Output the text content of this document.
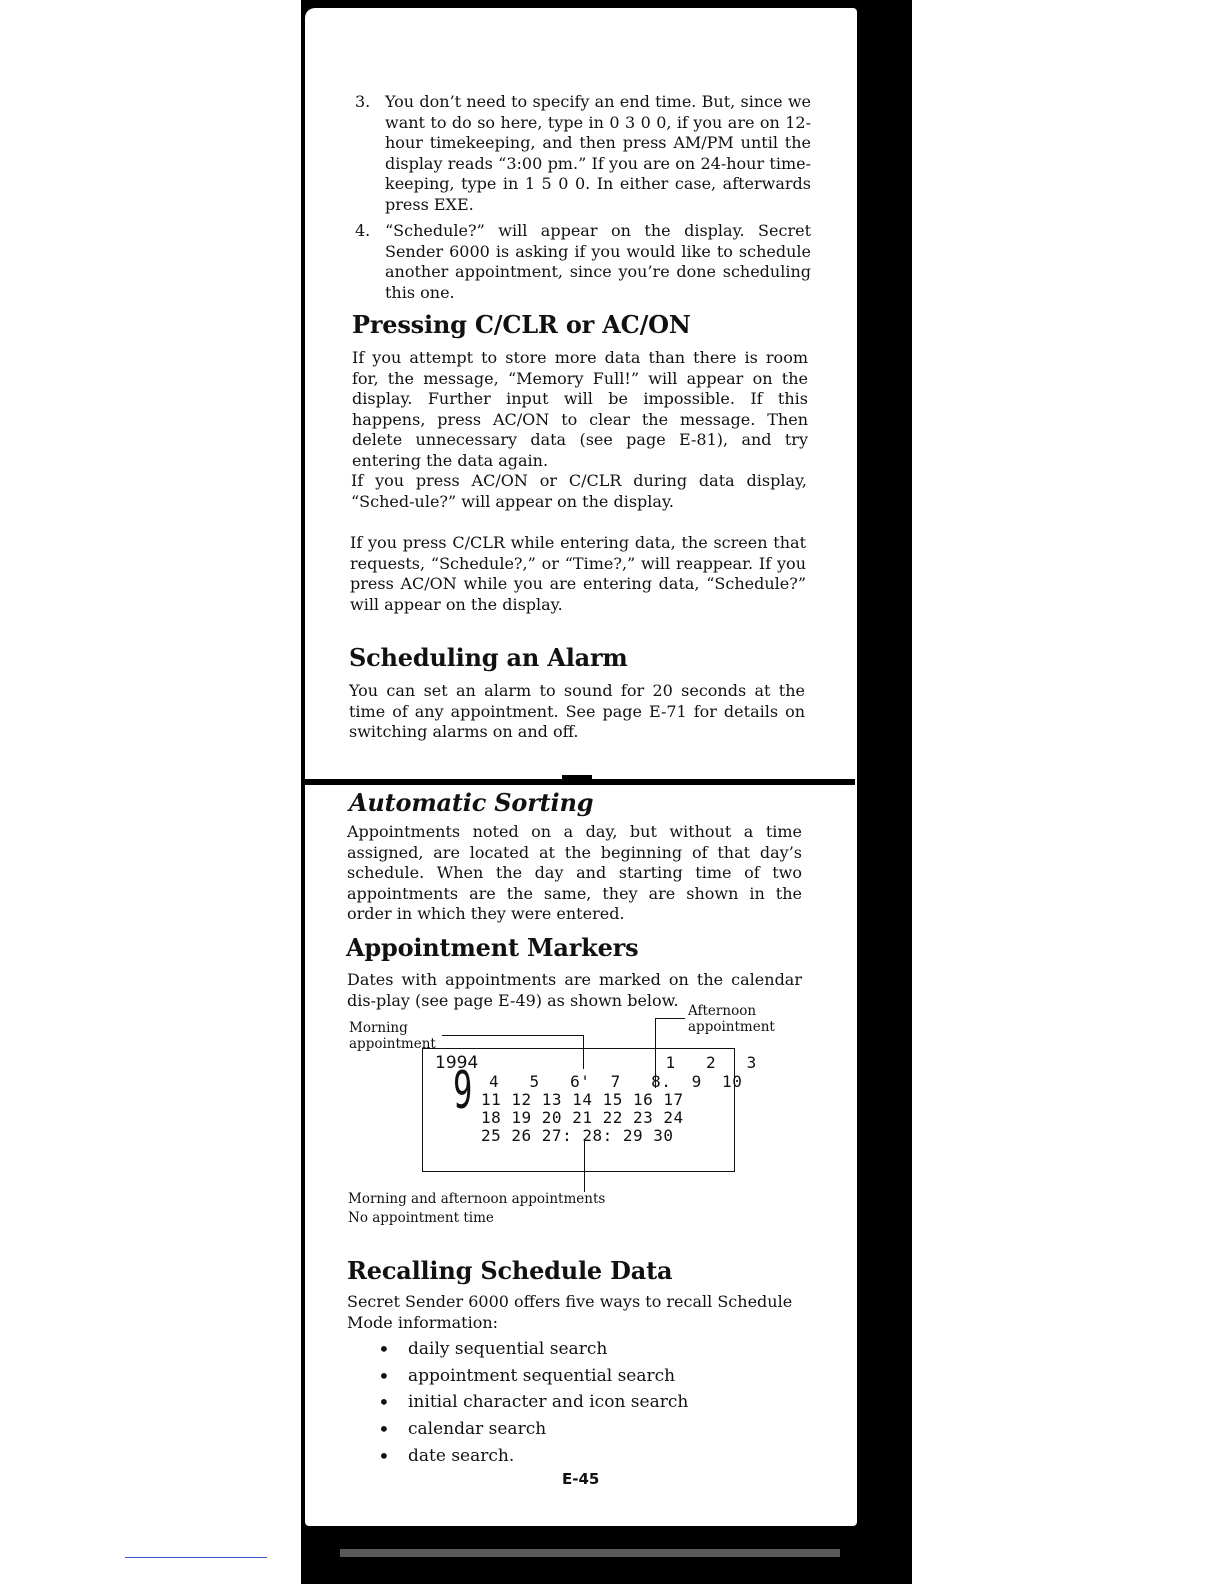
3. You don’t need to specify an end time. But, since we want to do so here, type in 0 3 0 0, if you are on 12-hour timekeeping, and then press AM/PM until the display reads “3:00 pm.” If you are on 24-hour time-keeping, type in 1 5 0 0. In either case, afterwards press EXE.
4. “Schedule?” will appear on the display. Secret Sender 6000 is asking if you would like to schedule another appointment, since you’re done scheduling this one.
Pressing C/CLR or AC/ON

If you attempt to store more data than there is room for, the message, “Memory Full!” will appear on the display. Further input will be impossible. If this happens, press AC/ON to clear the message. Then delete unnecessary data (see page E-81), and try entering the data again.

If you press AC/ON or C/CLR during data display, “Sched-ule?” will appear on the display.

If you press C/CLR while entering data, the screen that requests, “Schedule?,” or “Time?,” will reappear. If you press AC/ON while you are entering data, “Schedule?” will appear on the display.

Scheduling an Alarm

You can set an alarm to sound for 20 seconds at the time of any appointment. See page E-71 for details on switching alarms on and off.

Automatic Sorting

Appointments noted on a day, but without a time assigned, are located at the beginning of that day’s schedule. When the day and starting time of two appointments are the same, they are shown in the order in which they were entered.

Appointment Markers

Dates with appointments are marked on the calendar dis-play (see page E-49) as shown below.

Morning
appointment
Afternoon
appointment
1994
9 1   2   3
4   5   6'  7   8.  9  10
11 12 13 14 15 16 17
18 19 20 21 22 23 24
25 26 27: 28: 29 30
Morning and afternoon appointments
No appointment time
Recalling Schedule Data

Secret Sender 6000 offers five ways to recall Schedule Mode information:

• daily sequential search
• appointment sequential search
• initial character and icon search
• calendar search
• date search.
E-45
